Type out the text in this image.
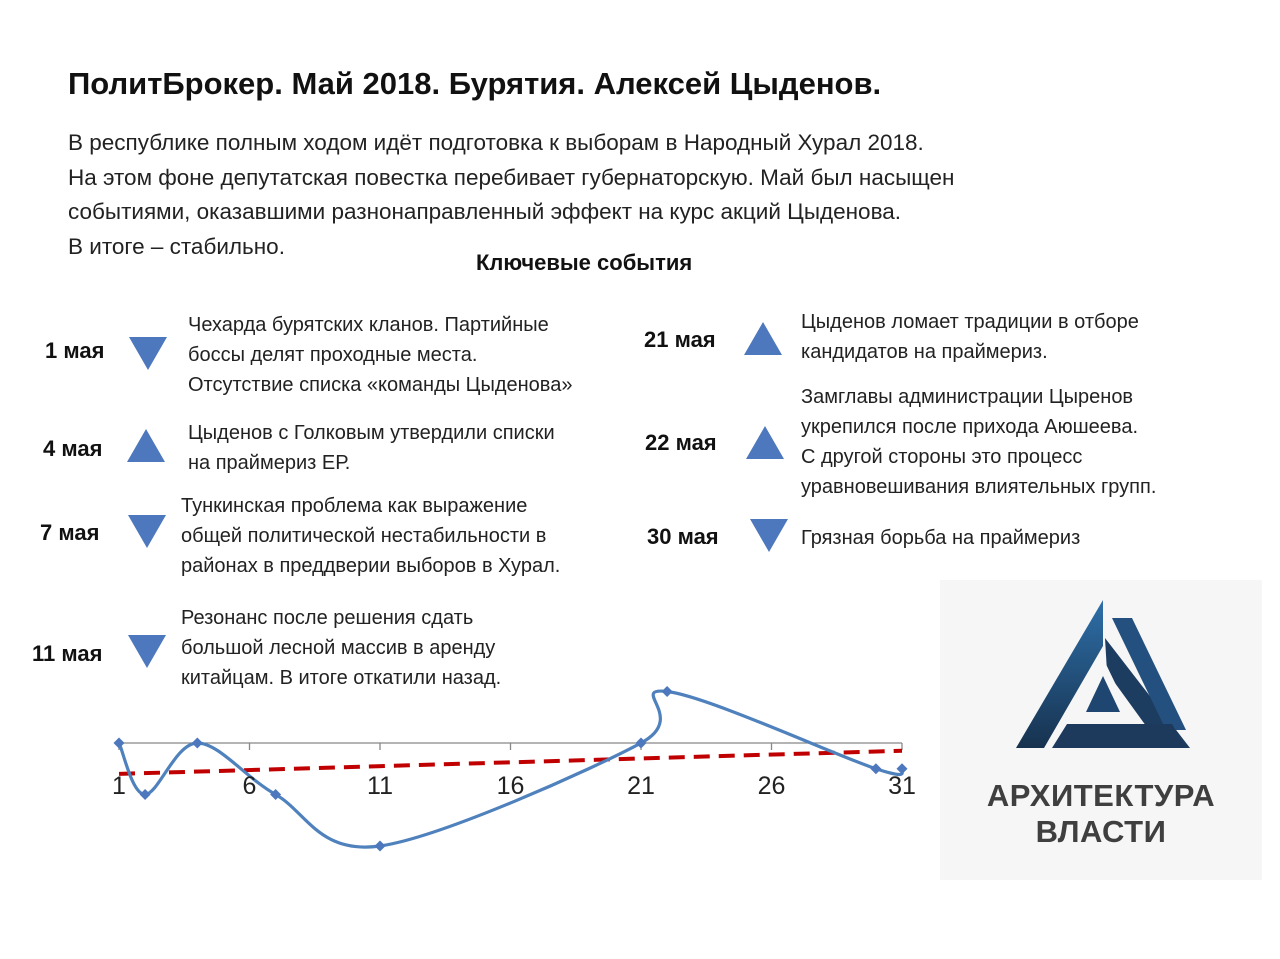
ПолитБрокер. Май 2018. Бурятия. Алексей Цыденов.
В республике полным ходом идёт подготовка к выборам в Народный Хурал 2018.
На этом фоне депутатская повестка перебивает губернаторскую. Май был насыщен
событиями, оказавшими разнонаправленный эффект на курс акций Цыденова.
В итоге – стабильно.
Ключевые события
1 мая
Чехарда бурятских кланов. Партийные
боссы делят проходные места.
Отсутствие списка «команды Цыденова»
4 мая
Цыденов с Голковым утвердили списки
на праймериз ЕР.
7 мая
Тункинская проблема как выражение
общей политической нестабильности в
районах в преддверии выборов в Хурал.
11 мая
Резонанс после решения сдать
большой лесной массив в аренду
китайцам. В итоге откатили назад.
21 мая
Цыденов ломает традиции в отборе
кандидатов на праймериз.
22 мая
Замглавы администрации Цыренов
укрепился после прихода Аюшеева.
С другой стороны это процесс
уравновешивания влиятельных групп.
30 мая	Грязная борьба на праймериз
АРХИТЕКТУРА
ВЛАСТИ
1	6	11	16	21	26	31
